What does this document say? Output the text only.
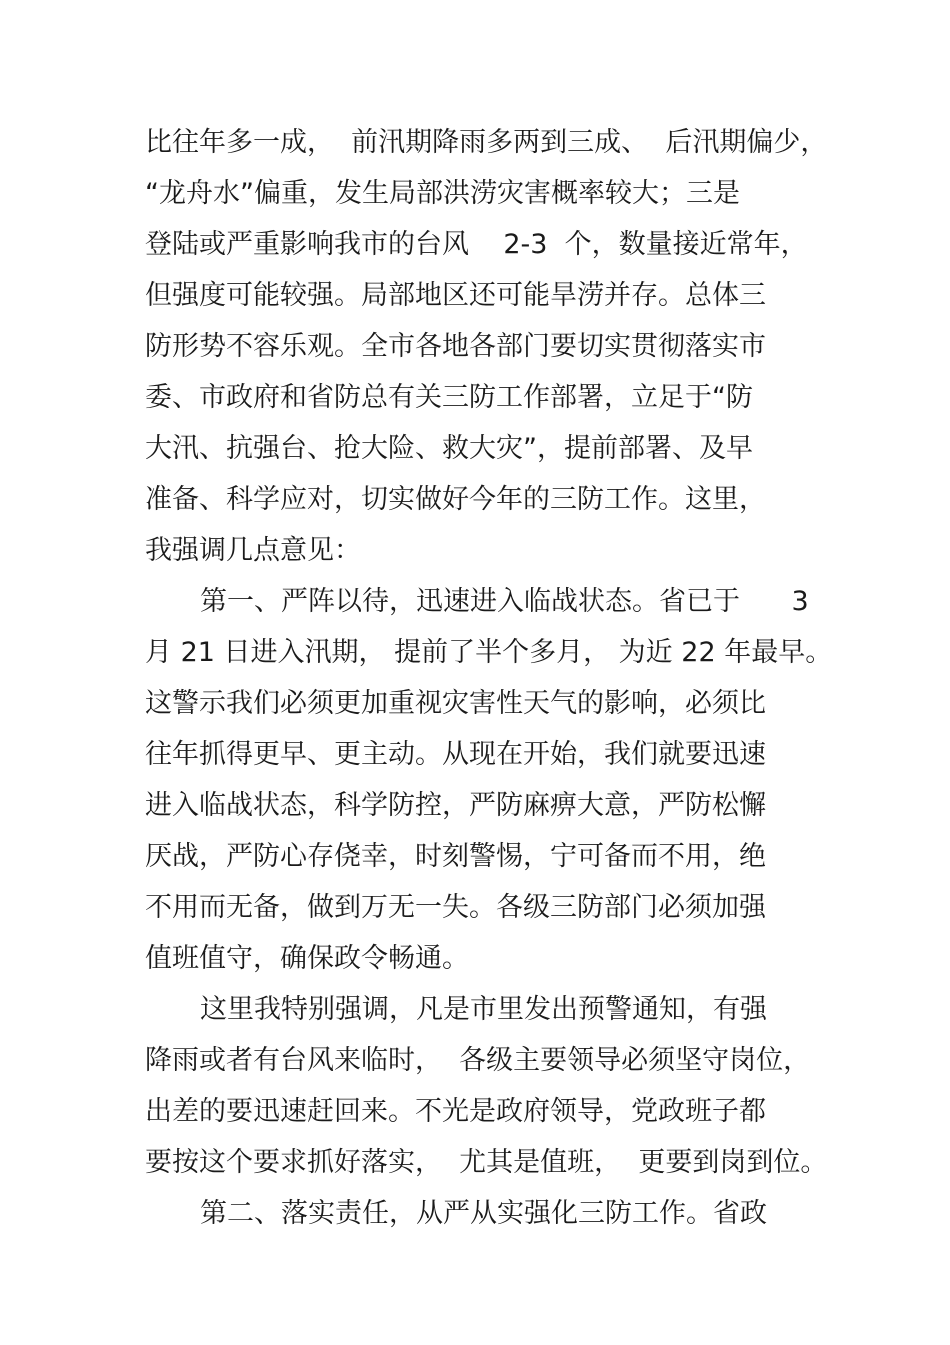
比往年多一成，  前汛期降雨多两到三成、  后汛期偏少，
“龙舟水”偏重，发生局部洪涝灾害概率较大；三是
登陆或严重影响我市的台风    2-3  个，数量接近常年，
但强度可能较强。局部地区还可能旱涝并存。总体三
防形势不容乐观。全市各地各部门要切实贯彻落实市
委、市政府和省防总有关三防工作部署，立足于“防
大汛、抗强台、抢大险、救大灾”，提前部署、及早
准备、科学应对，切实做好今年的三防工作。这里，
我强调几点意见：
第一、严阵以待，迅速进入临战状态。省已于      3
月 21 日进入汛期， 提前了半个多月， 为近 22 年最早。
这警示我们必须更加重视灾害性天气的影响，必须比
往年抓得更早、更主动。从现在开始，我们就要迅速
进入临战状态，科学防控，严防麻痹大意，严防松懈
厌战，严防心存侥幸，时刻警惕，宁可备而不用，绝
不用而无备，做到万无一失。各级三防部门必须加强
值班值守，确保政令畅通。
这里我特别强调，凡是市里发出预警通知，有强
降雨或者有台风来临时，  各级主要领导必须坚守岗位，
出差的要迅速赶回来。不光是政府领导，党政班子都
要按这个要求抓好落实，  尤其是值班，  更要到岗到位。
第二、落实责任，从严从实强化三防工作。省政
